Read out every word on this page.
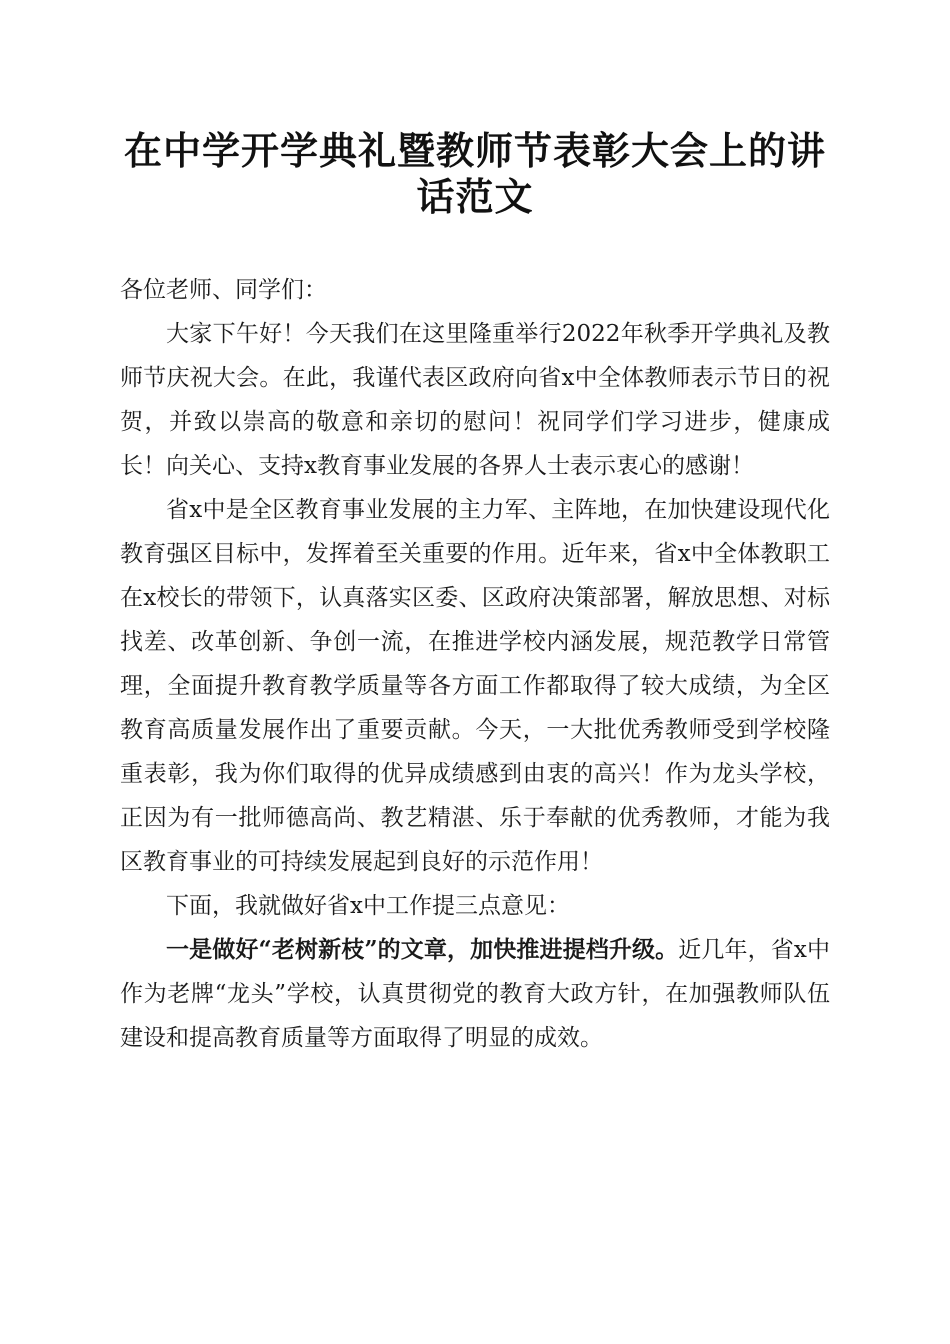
在中学开学典礼暨教师节表彰大会上的讲话范文

各位老师、同学们：

大家下午好！今天我们在这里隆重举行2022年秋季开学典礼及教师节庆祝大会。在此，我谨代表区政府向省x中全体教师表示节日的祝贺，并致以崇高的敬意和亲切的慰问！祝同学们学习进步，健康成长！向关心、支持x教育事业发展的各界人士表示衷心的感谢！

省x中是全区教育事业发展的主力军、主阵地，在加快建设现代化教育强区目标中，发挥着至关重要的作用。近年来，省x中全体教职工在x校长的带领下，认真落实区委、区政府决策部署，解放思想、对标找差、改革创新、争创一流，在推进学校内涵发展，规范教学日常管理，全面提升教育教学质量等各方面工作都取得了较大成绩，为全区教育高质量发展作出了重要贡献。今天，一大批优秀教师受到学校隆重表彰，我为你们取得的优异成绩感到由衷的高兴！作为龙头学校，正因为有一批师德高尚、教艺精湛、乐于奉献的优秀教师，才能为我区教育事业的可持续发展起到良好的示范作用！

下面，我就做好省x中工作提三点意见：

一是做好“老树新枝”的文章，加快推进提档升级。近几年，省x中作为老牌“龙头”学校，认真贯彻党的教育大政方针，在加强教师队伍建设和提高教育质量等方面取得了明显的成效。
